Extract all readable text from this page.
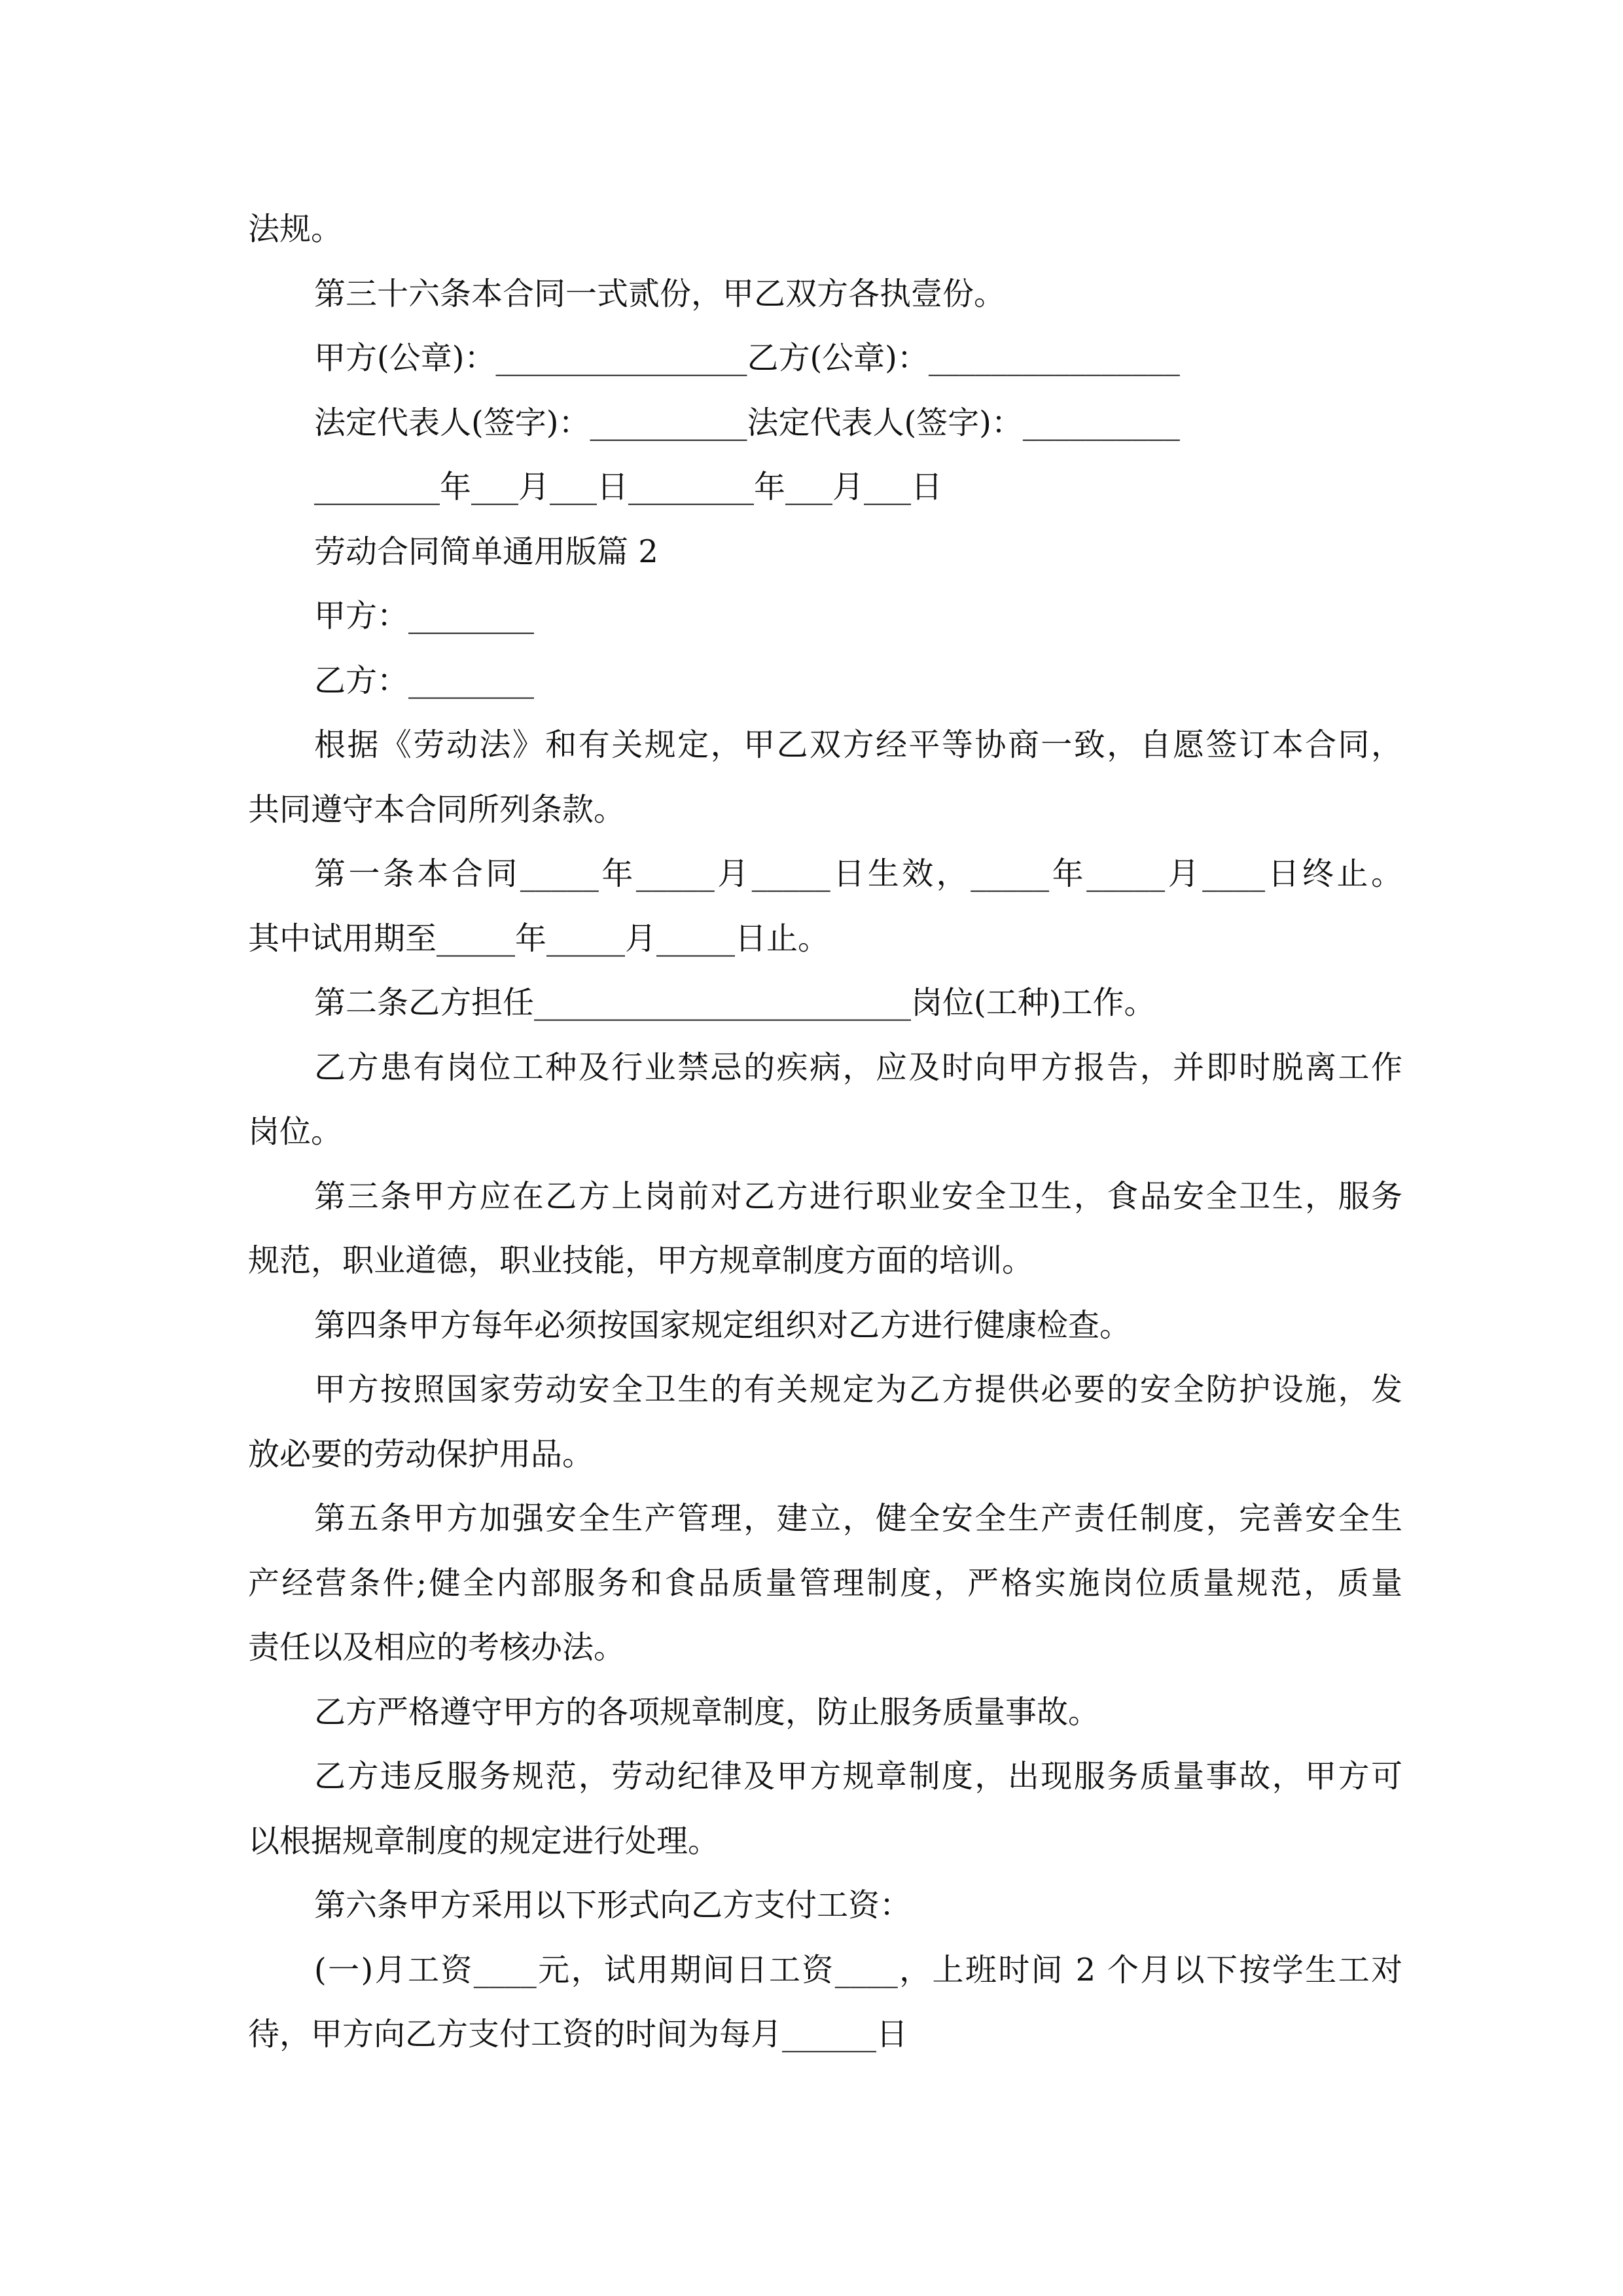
法规。
第三十六条本合同一式贰份，甲乙双方各执壹份。
甲方(公章)：________________乙方(公章)：________________
法定代表人(签字)：__________法定代表人(签字)：__________
________年___月___日________年___月___日
劳动合同简单通用版篇 2
甲方：________
乙方：________
根据《劳动法》和有关规定，甲乙双方经平等协商一致，自愿签订本合同，
共同遵守本合同所列条款。
第一条本合同_____年_____月_____日生效，_____年_____月____日终止。
其中试用期至_____年_____月_____日止。
第二条乙方担任________________________岗位(工种)工作。
乙方患有岗位工种及行业禁忌的疾病，应及时向甲方报告，并即时脱离工作
岗位。
第三条甲方应在乙方上岗前对乙方进行职业安全卫生，食品安全卫生，服务
规范，职业道德，职业技能，甲方规章制度方面的培训。
第四条甲方每年必须按国家规定组织对乙方进行健康检查。
甲方按照国家劳动安全卫生的有关规定为乙方提供必要的安全防护设施，发
放必要的劳动保护用品。
第五条甲方加强安全生产管理，建立，健全安全生产责任制度，完善安全生
产经营条件;健全内部服务和食品质量管理制度，严格实施岗位质量规范，质量
责任以及相应的考核办法。
乙方严格遵守甲方的各项规章制度，防止服务质量事故。
乙方违反服务规范，劳动纪律及甲方规章制度，出现服务质量事故，甲方可
以根据规章制度的规定进行处理。
第六条甲方采用以下形式向乙方支付工资：
(一)月工资____元，试用期间日工资____，上班时间 2 个月以下按学生工对
待，甲方向乙方支付工资的时间为每月______日
